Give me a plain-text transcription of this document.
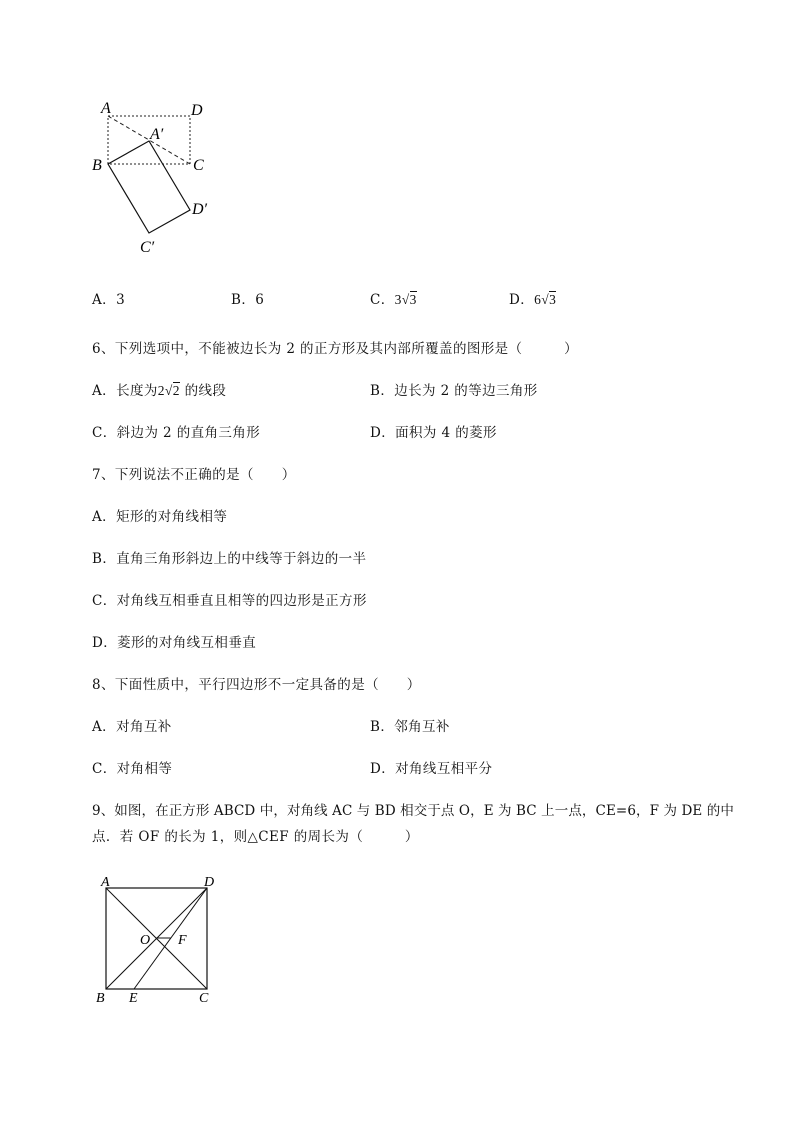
A	D
A′
B	C
D′
C′
A．3	B．6	C．3√3	D．6√3
6、下列选项中，不能被边长为 2 的正方形及其内部所覆盖的图形是（　　　）
A．长度为2√2 的线段	B．边长为 2 的等边三角形
C．斜边为 2 的直角三角形	D．面积为 4 的菱形
7、下列说法不正确的是（　　）
A．矩形的对角线相等
B．直角三角形斜边上的中线等于斜边的一半
C．对角线互相垂直且相等的四边形是正方形
D．菱形的对角线互相垂直
8、下面性质中，平行四边形不一定具备的是（　　）
A．对角互补	B．邻角互补
C．对角相等	D．对角线互相平分
9、如图，在正方形 ABCD 中，对角线 AC 与 BD 相交于点 O，E 为 BC 上一点，CE=6，F 为 DE 的中
点．若 OF 的长为 1，则△CEF 的周长为（　　　）
A	D
O F
B E	C
